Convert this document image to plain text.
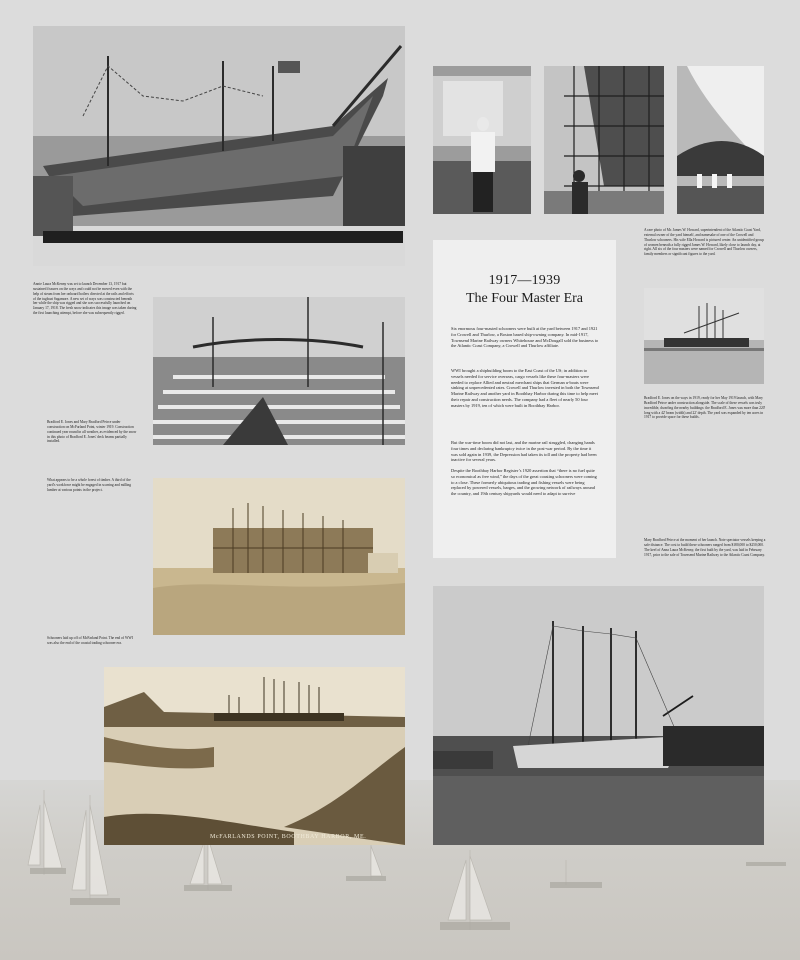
Annie Laura McKenny was set to launch December 13, 1917 but sustained fissures on the ways and could not be moved even with the help of steam from her onboard boilers directed at the rails and efforts of the tugboat Sagamore. A new set of ways was constructed beneath her while the ship was rigged and she was successfully launched on January 17, 1918. The fresh snow indicates this image was taken during the first launching attempt, before she was subsequently rigged.

A rare photo of Mr. James W. Howard, superintendent of the Atlantic Coast Yard, external owner of the yard himself, and namesake of one of the Crowell and Thurlow schooners. His wife Ella Howard is pictured center. An unidentified group of women beneath a fully rigged James W. Howard, likely close to launch day, at right. All six of the four masters were named for Crowell and Thurlow owners, family members or significant figures to the yard.

1917—1939
The Four Master Era

Six enormous four-masted schooners were built at the yard between 1917 and 1921 for Crowell and Thurlow, a Boston based ship-owning company. In mid-1917, Townsend Marine Railway owners Whitehouse and McDougall sold the business to the Atlantic Coast Company, a Crowell and Thurlow affiliate.

WWI brought a shipbuilding boom to the East Coast of the US; in addition to vessels needed for service overseas, cargo vessels like these four-masters were needed to replace Allied and neutral merchant ships that German u-boats were sinking at unprecedented rates. Crowell and Thurlow invested in both the Townsend Marine Railway and another yard in Boothbay Harbor during this time to help meet their repair and construction needs. The company had a fleet of nearly 50 four masters by 1919, ten of which were built in Boothbay Harbor.

But the war-time boom did not last, and the marine rail struggled, changing hands four times and declaring bankruptcy twice in the post-war period. By the time it was sold again in 1939, the Depression had taken its toll and the property had been inactive for several years.

Despite the Boothbay Harbor Register’s 1920 assertion that “there is no fuel quite so economical as free wind,” the days of the great coasting schooners were coming to a close. These formerly ubiquitous trading and fishing vessels were being replaced by powered vessels, barges, and the growing network of railways around the country, and 19th century shipyards would need to adapt to survive

Bradford E. Jones and Mary Bradford Peirce under construction on McFarland Point, winter 1919. Construction continued year round in all weather, as evidenced by the snow in this photo of Bradford E. Jones' deck beams partially installed.

Bradford E. Jones on the ways in 1919, ready for her May 1919 launch, with Mary Bradford Peirce under construction alongside. The scale of these vessels was truly incredible, dwarfing the nearby buildings: the Bradford E. Jones was more than 220' long with a 42' beam (width) and 22' depth. The yard was expanded by ten acres in 1917 to provide space for these builds.

What appears to be a whole forest of timber. A third of the yard's workforce might be engaged in scarring and milling lumber at various points in the project.

Mary Bradford Peirce at the moment of her launch. Note spectator vessels keeping a safe distance. The cost to build these schooners ranged from $180,000 to $250,000. The keel of Anna Laura McKenny, the first built by the yard, was laid in February 1917, prior to the sale of Townsend Marine Railway to the Atlantic Coast Company.

Schooners laid up off of McFarland Point. The end of WWI was also the end of the coastal trading schooner era.

McFARLANDS POINT, BOOTHBAY HARBOR, ME.
